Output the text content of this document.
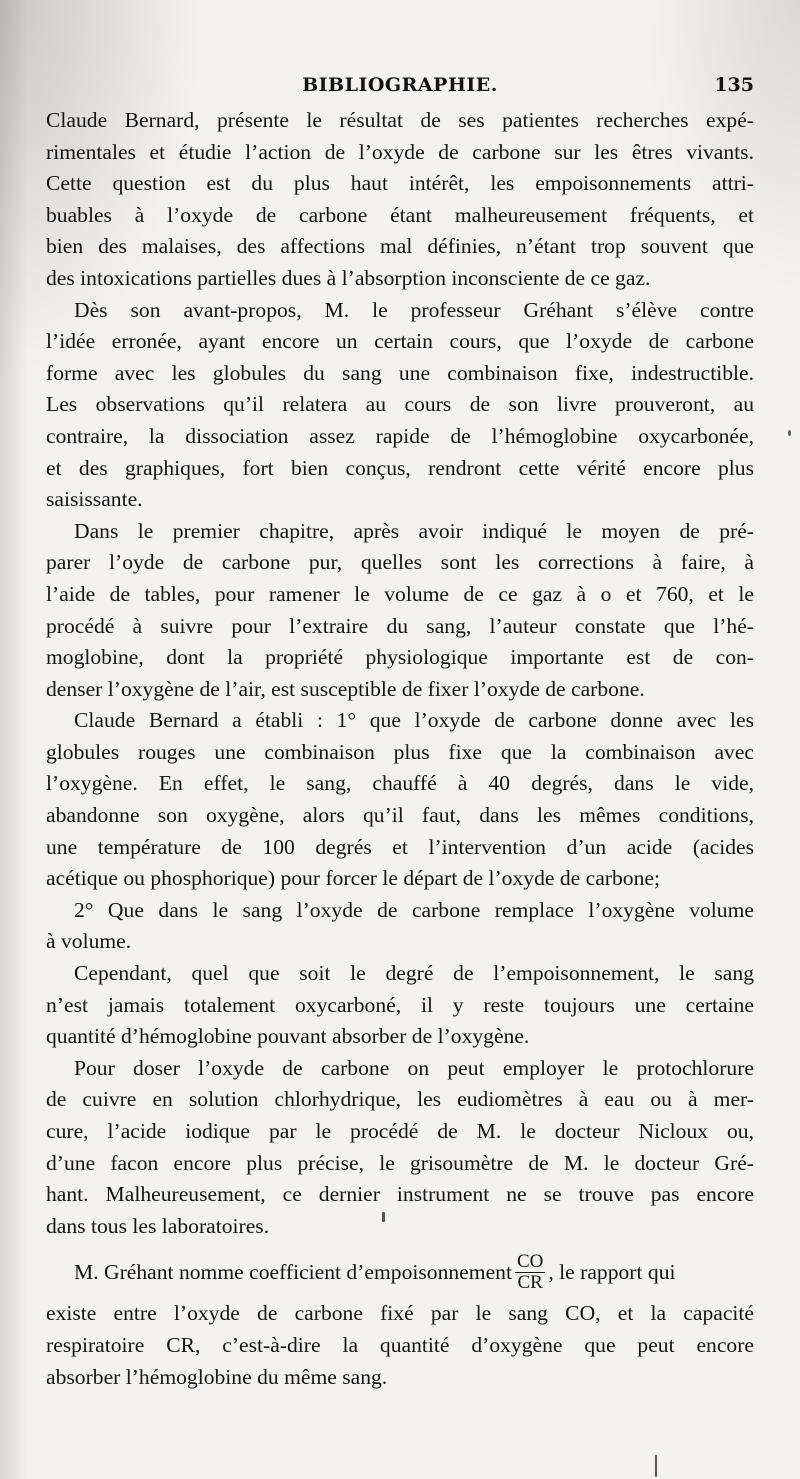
BIBLIOGRAPHIE.	135
Claude Bernard, présente le résultat de ses patientes recherches expé-
rimentales et étudie l’action de l’oxyde de carbone sur les êtres vivants.
Cette question est du plus haut intérêt, les empoisonnements attri-
buables à l’oxyde de carbone étant malheureusement fréquents, et
bien des malaises, des affections mal définies, n’étant trop souvent que
des intoxications partielles dues à l’absorption inconsciente de ce gaz.
Dès son avant-propos, M. le professeur Gréhant s’élève contre
l’idée erronée, ayant encore un certain cours, que l’oxyde de carbone
forme avec les globules du sang une combinaison fixe, indestructible.
Les observations qu’il relatera au cours de son livre prouveront, au
contraire, la dissociation assez rapide de l’hémoglobine oxycarbonée,
et des graphiques, fort bien conçus, rendront cette vérité encore plus
saisissante.
Dans le premier chapitre, après avoir indiqué le moyen de pré-
parer l’oyde de carbone pur, quelles sont les corrections à faire, à
l’aide de tables, pour ramener le volume de ce gaz à o et 760, et le
procédé à suivre pour l’extraire du sang, l’auteur constate que l’hé-
moglobine, dont la propriété physiologique importante est de con-
denser l’oxygène de l’air, est susceptible de fixer l’oxyde de carbone.
Claude Bernard a établi : 1° que l’oxyde de carbone donne avec les
globules rouges une combinaison plus fixe que la combinaison avec
l’oxygène. En effet, le sang, chauffé à 40 degrés, dans le vide,
abandonne son oxygène, alors qu’il faut, dans les mêmes conditions,
une température de 100 degrés et l’intervention d’un acide (acides
acétique ou phosphorique) pour forcer le départ de l’oxyde de carbone;
2° Que dans le sang l’oxyde de carbone remplace l’oxygène volume
à volume.
Cependant, quel que soit le degré de l’empoisonnement, le sang
n’est jamais totalement oxycarboné, il y reste toujours une certaine
quantité d’hémoglobine pouvant absorber de l’oxygène.
Pour doser l’oxyde de carbone on peut employer le protochlorure
de cuivre en solution chlorhydrique, les eudiomètres à eau ou à mer-
cure, l’acide iodique par le procédé de M. le docteur Nicloux ou,
d’une facon encore plus précise, le grisoumètre de M. le docteur Gré-
hant. Malheureusement, ce dernier instrument ne se trouve pas encore
dans tous les laboratoires.
M. Gréhant nomme coefficient d’empoisonnement $\frac{CO}{CR}$ , le rapport qui
existe entre l’oxyde de carbone fixé par le sang CO, et la capacité
respiratoire CR, c’est-à-dire la quantité d’oxygène que peut encore
absorber l’hémoglobine du même sang.
